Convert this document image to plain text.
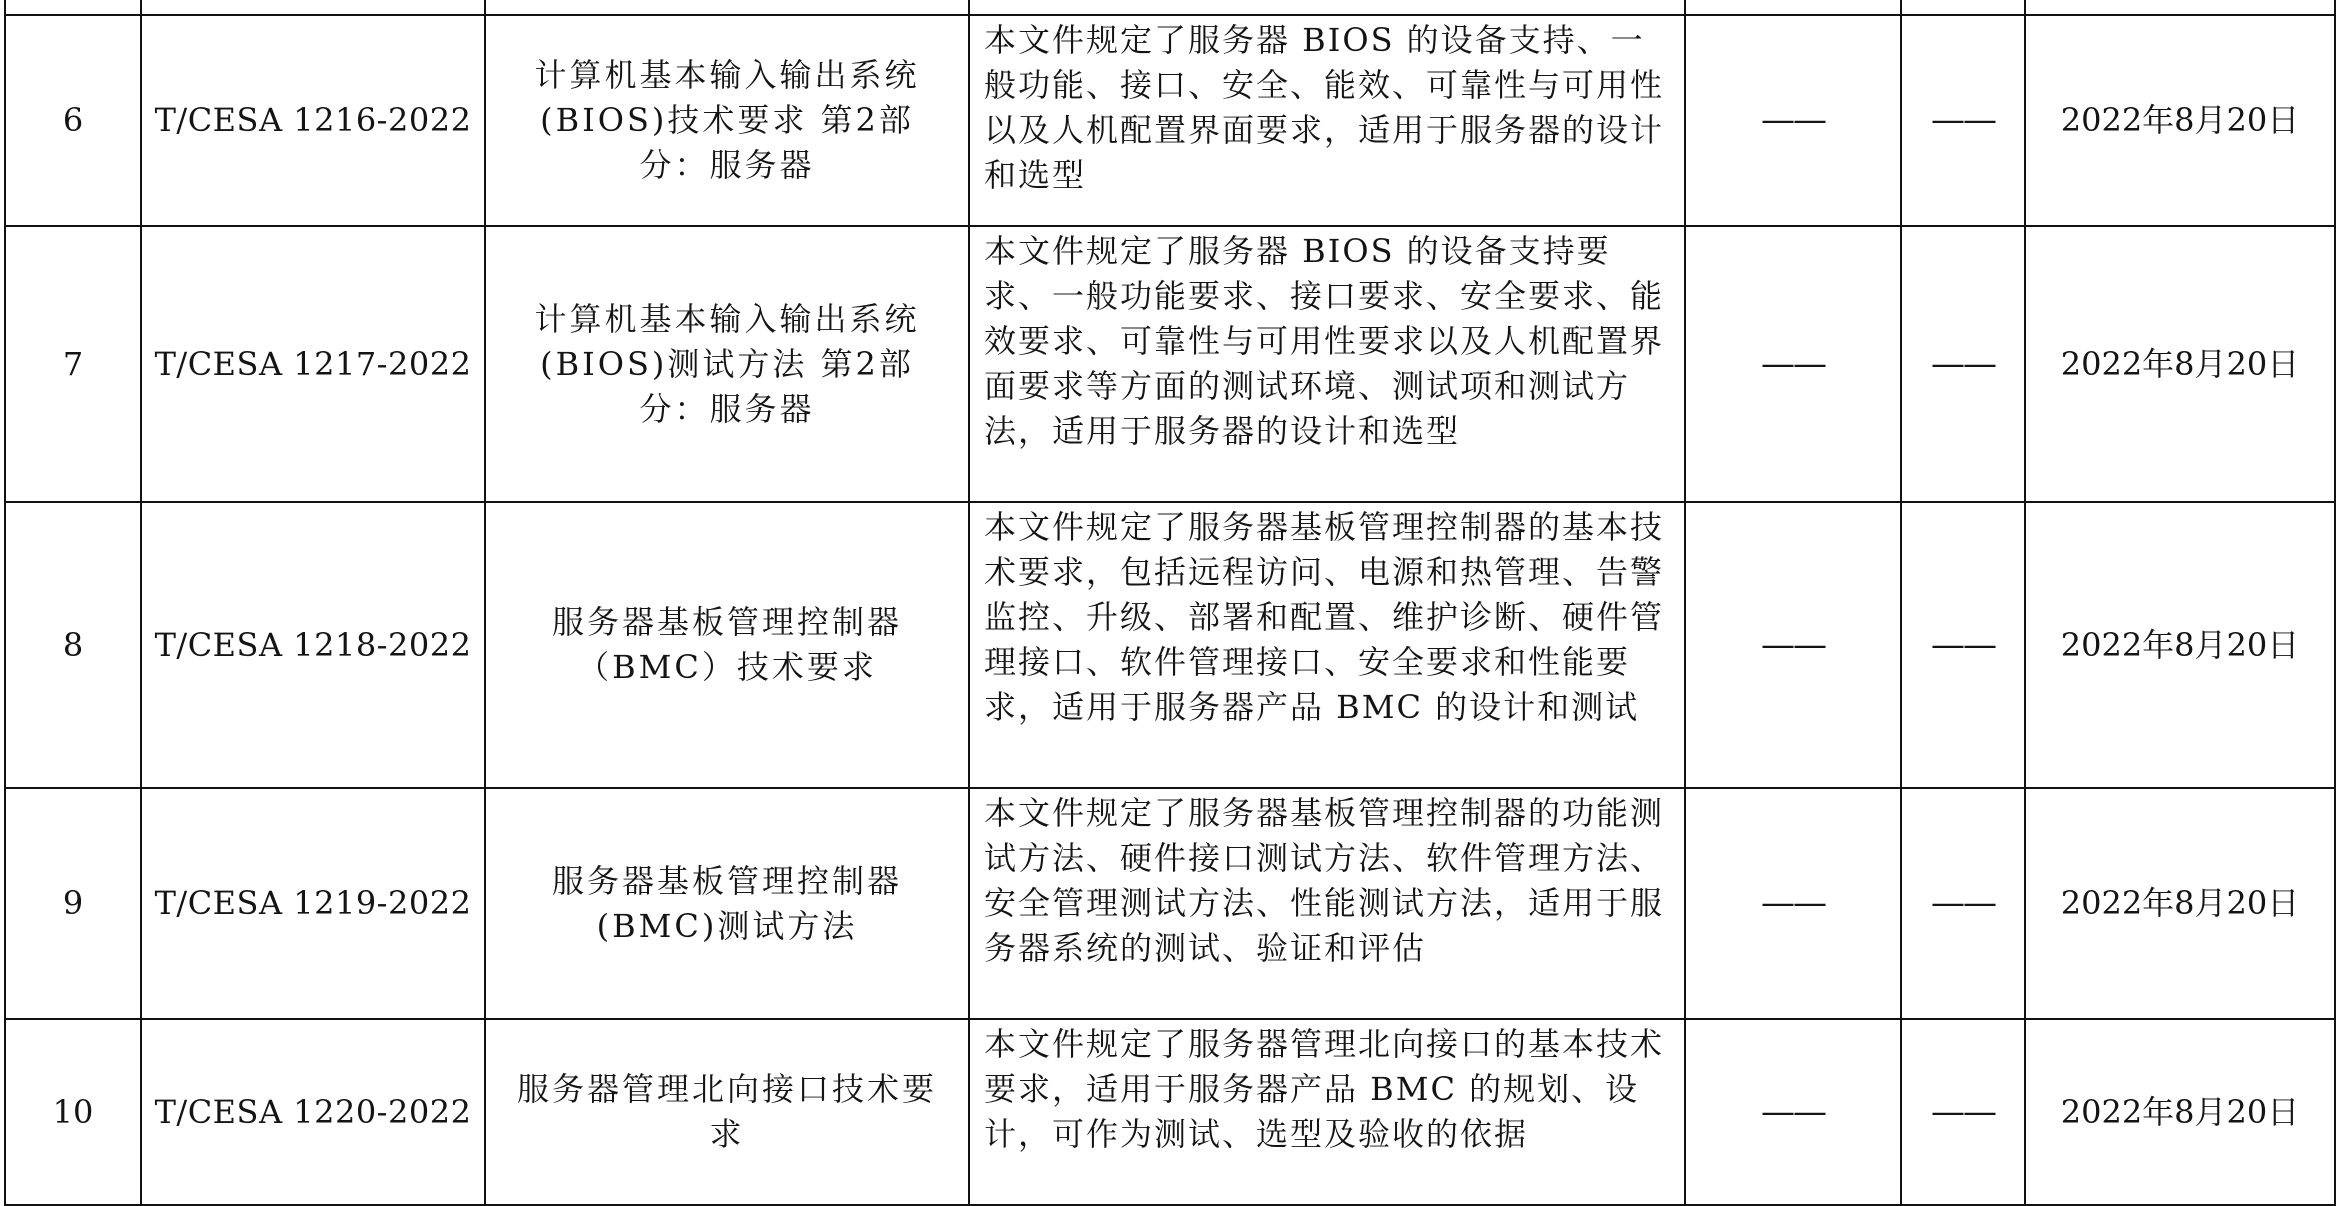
6	T/CESA 1216-2022	计算机基本输入输出系统(BIOS)技术要求 第2部分：服务器	本文件规定了服务器 BIOS 的设备支持、一般功能、接口、安全、能效、可靠性与可用性以及人机配置界面要求，适用于服务器的设计和选型	——	——	2022年8月20日
7	T/CESA 1217-2022	计算机基本输入输出系统(BIOS)测试方法 第2部分：服务器	本文件规定了服务器 BIOS 的设备支持要求、一般功能要求、接口要求、安全要求、能效要求、可靠性与可用性要求以及人机配置界面要求等方面的测试环境、测试项和测试方法，适用于服务器的设计和选型	——	——	2022年8月20日
8	T/CESA 1218-2022	服务器基板管理控制器（BMC）技术要求	本文件规定了服务器基板管理控制器的基本技术要求，包括远程访问、电源和热管理、告警监控、升级、部署和配置、维护诊断、硬件管理接口、软件管理接口、安全要求和性能要求，适用于服务器产品 BMC 的设计和测试	——	——	2022年8月20日
9	T/CESA 1219-2022	服务器基板管理控制器(BMC)测试方法	本文件规定了服务器基板管理控制器的功能测试方法、硬件接口测试方法、软件管理方法、安全管理测试方法、性能测试方法，适用于服务器系统的测试、验证和评估	——	——	2022年8月20日
10	T/CESA 1220-2022	服务器管理北向接口技术要求	本文件规定了服务器管理北向接口的基本技术要求，适用于服务器产品 BMC 的规划、设计，可作为测试、选型及验收的依据	——	——	2022年8月20日
